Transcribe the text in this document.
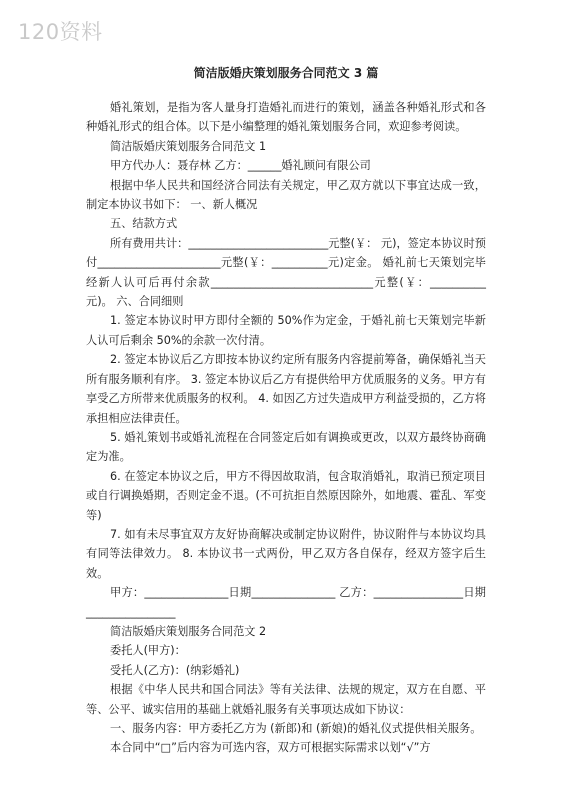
120资料
简洁版婚庆策划服务合同范文 3 篇

婚礼策划，是指为客人量身打造婚礼而进行的策划，涵盖各种婚礼形式和各种婚礼形式的组合体。以下是小编整理的婚礼策划服务合同，欢迎参考阅读。

简洁版婚庆策划服务合同范文 1

甲方代办人：聂存林 乙方：______婚礼顾问有限公司

根据中华人民共和国经济合同法有关规定，甲乙双方就以下事宜达成一致，制定本协议书如下： 一、新人概况

五、结款方式

所有费用共计：_________________________元整(￥： 元)，签定本协议时预付______________________元整(￥：__________元)定金。 婚礼前七天策划完毕经新人认可后再付余款_____________________________元整(￥：__________元)。 六、合同细则

1. 签定本协议时甲方即付全额的 50%作为定金，于婚礼前七天策划完毕新人认可后剩余 50%的余款一次付清。

2. 签定本协议后乙方即按本协议约定所有服务内容提前筹备，确保婚礼当天所有服务顺利有序。 3. 签定本协议后乙方有提供给甲方优质服务的义务。甲方有享受乙方所带来优质服务的权利。 4. 如因乙方过失造成甲方利益受损的，乙方将承担相应法律责任。

5. 婚礼策划书或婚礼流程在合同签定后如有调换或更改，以双方最终协商确定为准。

6. 在签定本协议之后，甲方不得因故取消，包含取消婚礼，取消已预定项目或自行调换婚期，否则定金不退。(不可抗拒自然原因除外，如地震、霍乱、军变等)

7. 如有未尽事宜双方友好协商解决或制定协议附件，协议附件与本协议均具有同等法律效力。 8. 本协议书一式两份，甲乙双方各自保存，经双方签字后生效。

甲方：_______________日期_______________ 乙方：________________日期________________

简洁版婚庆策划服务合同范文 2

委托人(甲方)：

受托人(乙方)：(纳彩婚礼)

根据《中华人民共和国合同法》等有关法律、法规的规定，双方在自愿、平等、公平、诚实信用的基础上就婚礼服务有关事项达成如下协议：

一、服务内容：甲方委托乙方为 (新郎)和 (新娘)的婚礼仪式提供相关服务。

本合同中“□”后内容为可选内容，双方可根据实际需求以划“√”方
